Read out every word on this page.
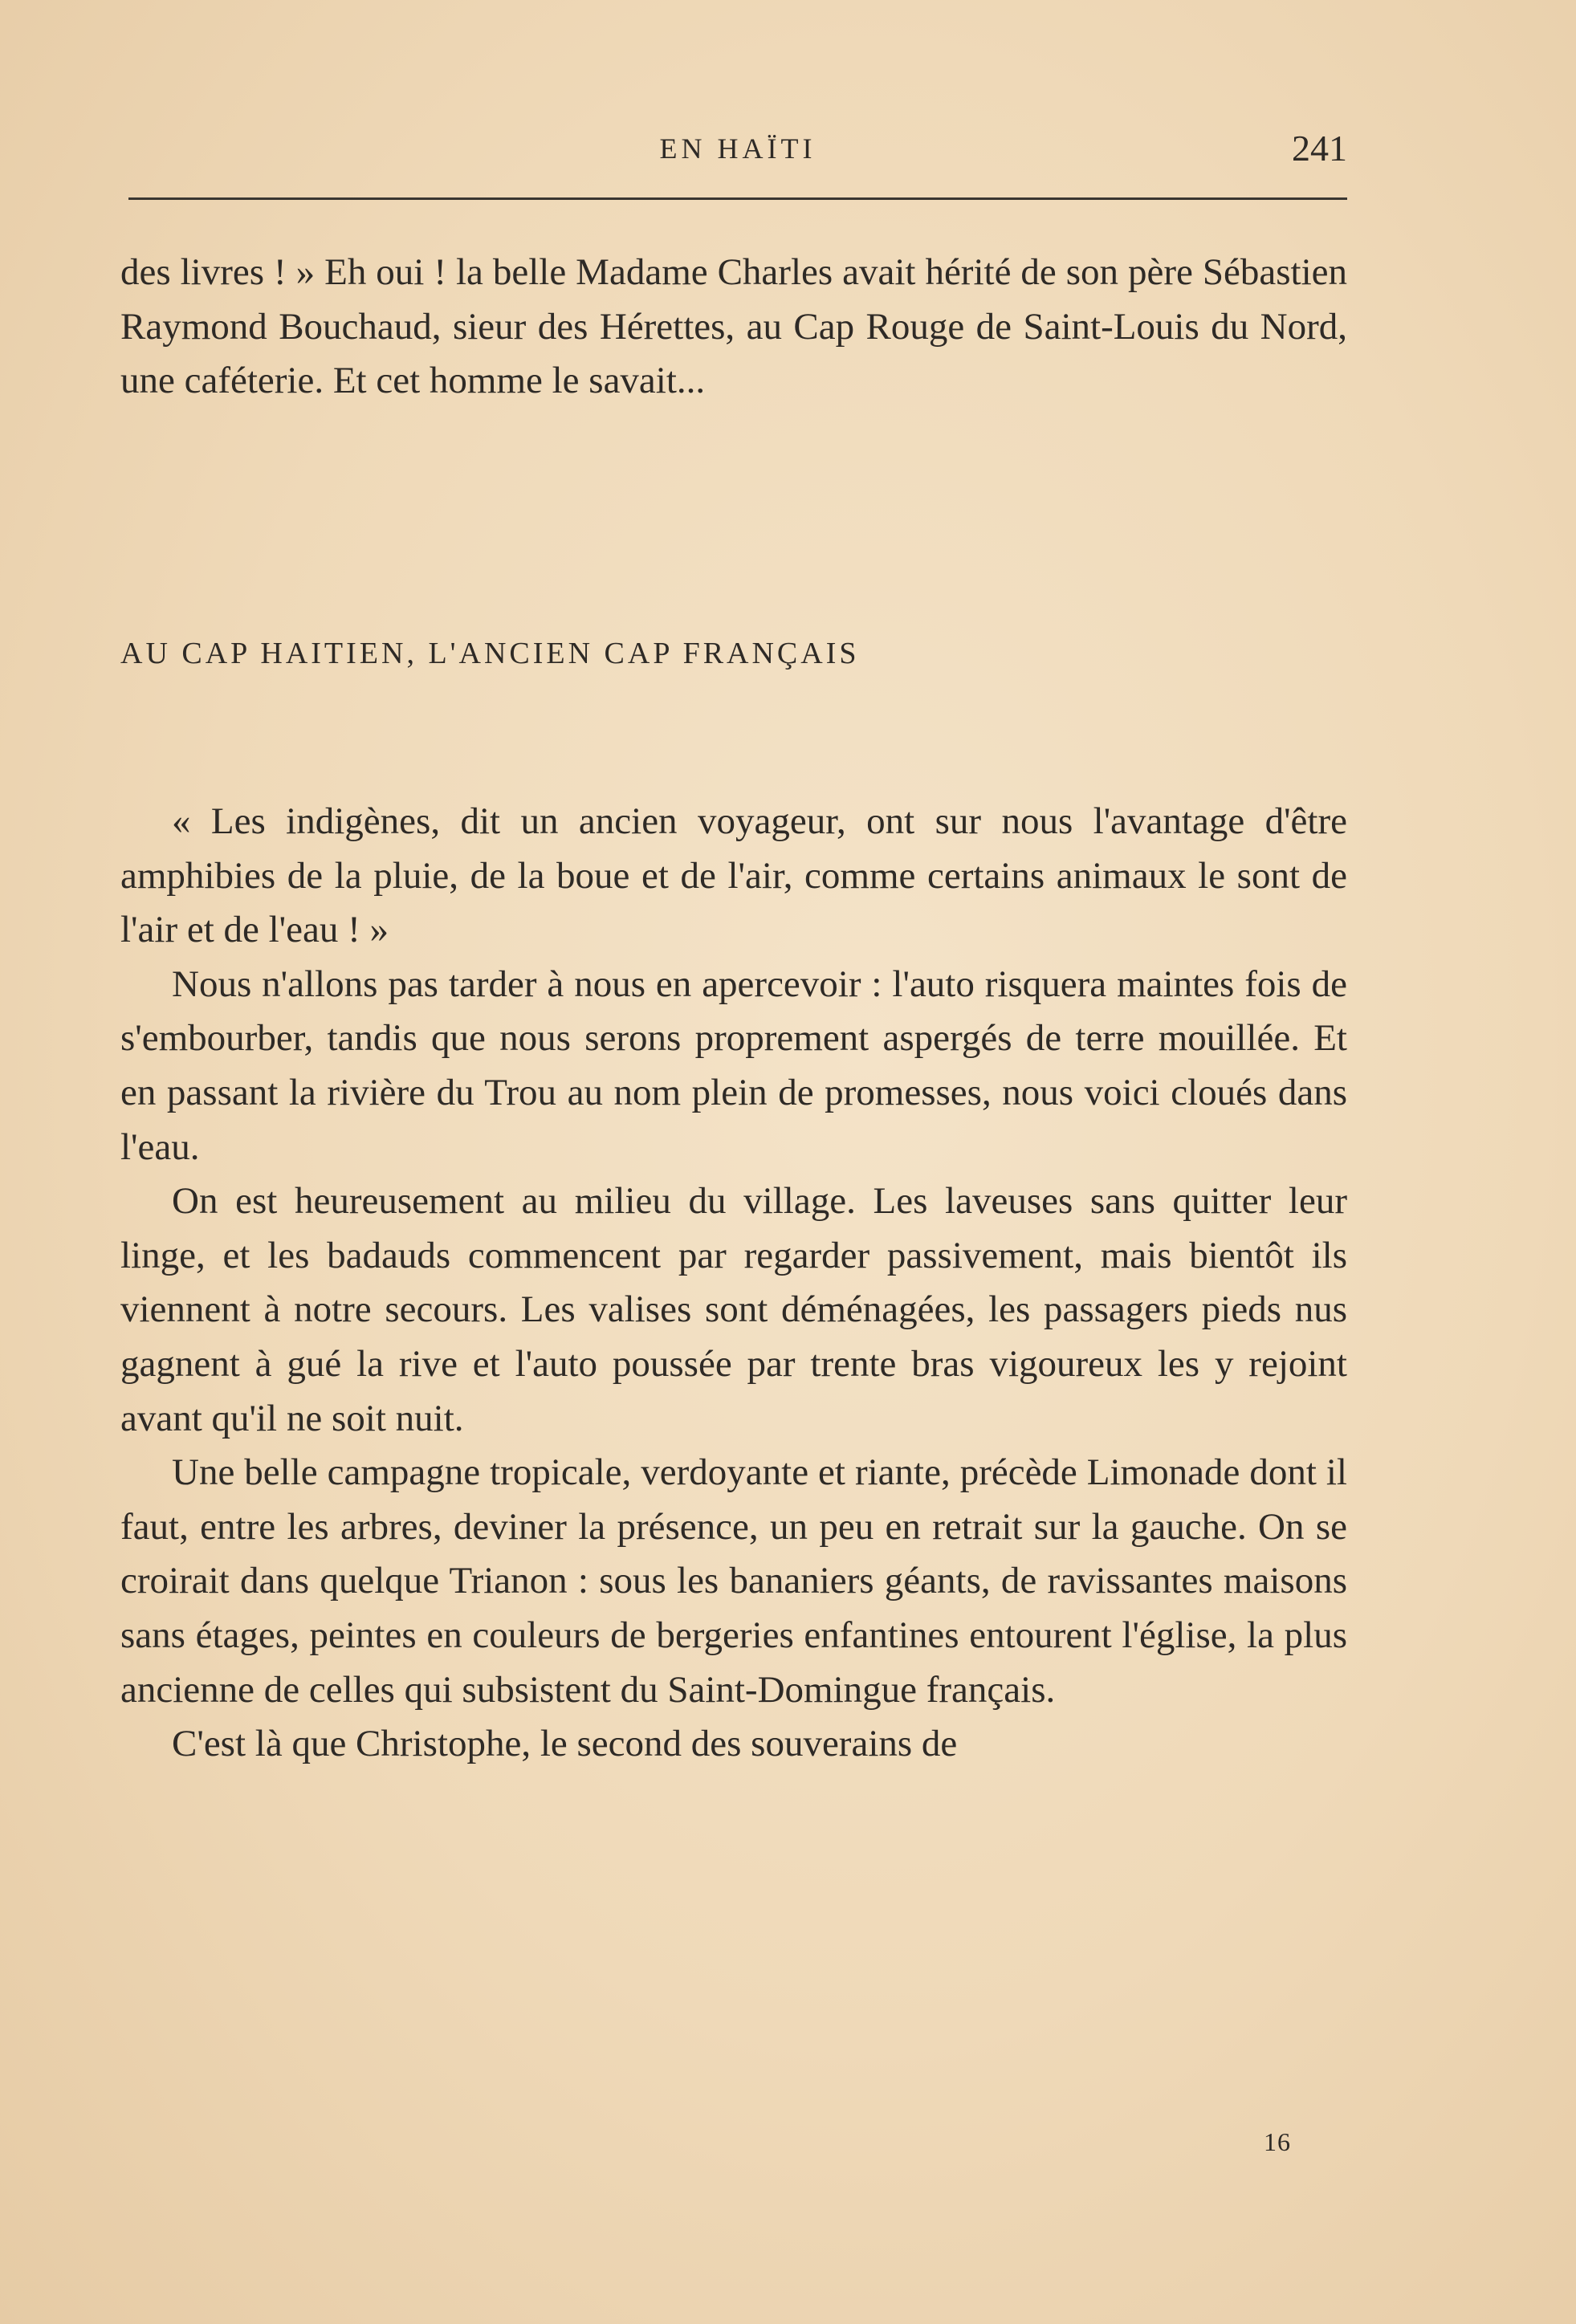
EN HAÏTI	241

des livres ! » Eh oui ! la belle Madame Charles avait hérité de son père Sébastien Raymond Bouchaud, sieur des Hérettes, au Cap Rouge de Saint-Louis du Nord, une caféterie. Et cet homme le savait...

AU CAP HAITIEN, L'ANCIEN CAP FRANÇAIS

« Les indigènes, dit un ancien voyageur, ont sur nous l'avantage d'être amphibies de la pluie, de la boue et de l'air, comme certains animaux le sont de l'air et de l'eau ! »

Nous n'allons pas tarder à nous en apercevoir : l'auto risquera maintes fois de s'embourber, tandis que nous serons proprement aspergés de terre mouillée. Et en passant la rivière du Trou au nom plein de promesses, nous voici cloués dans l'eau.

On est heureusement au milieu du village. Les laveuses sans quitter leur linge, et les badauds commencent par regarder passivement, mais bientôt ils viennent à notre secours. Les valises sont déménagées, les passagers pieds nus gagnent à gué la rive et l'auto poussée par trente bras vigoureux les y rejoint avant qu'il ne soit nuit.

Une belle campagne tropicale, verdoyante et riante, précède Limonade dont il faut, entre les arbres, deviner la présence, un peu en retrait sur la gauche. On se croirait dans quelque Trianon : sous les bananiers géants, de ravissantes maisons sans étages, peintes en couleurs de bergeries enfantines entourent l'église, la plus ancienne de celles qui subsistent du Saint-Domingue français.

C'est là que Christophe, le second des souverains de

16
